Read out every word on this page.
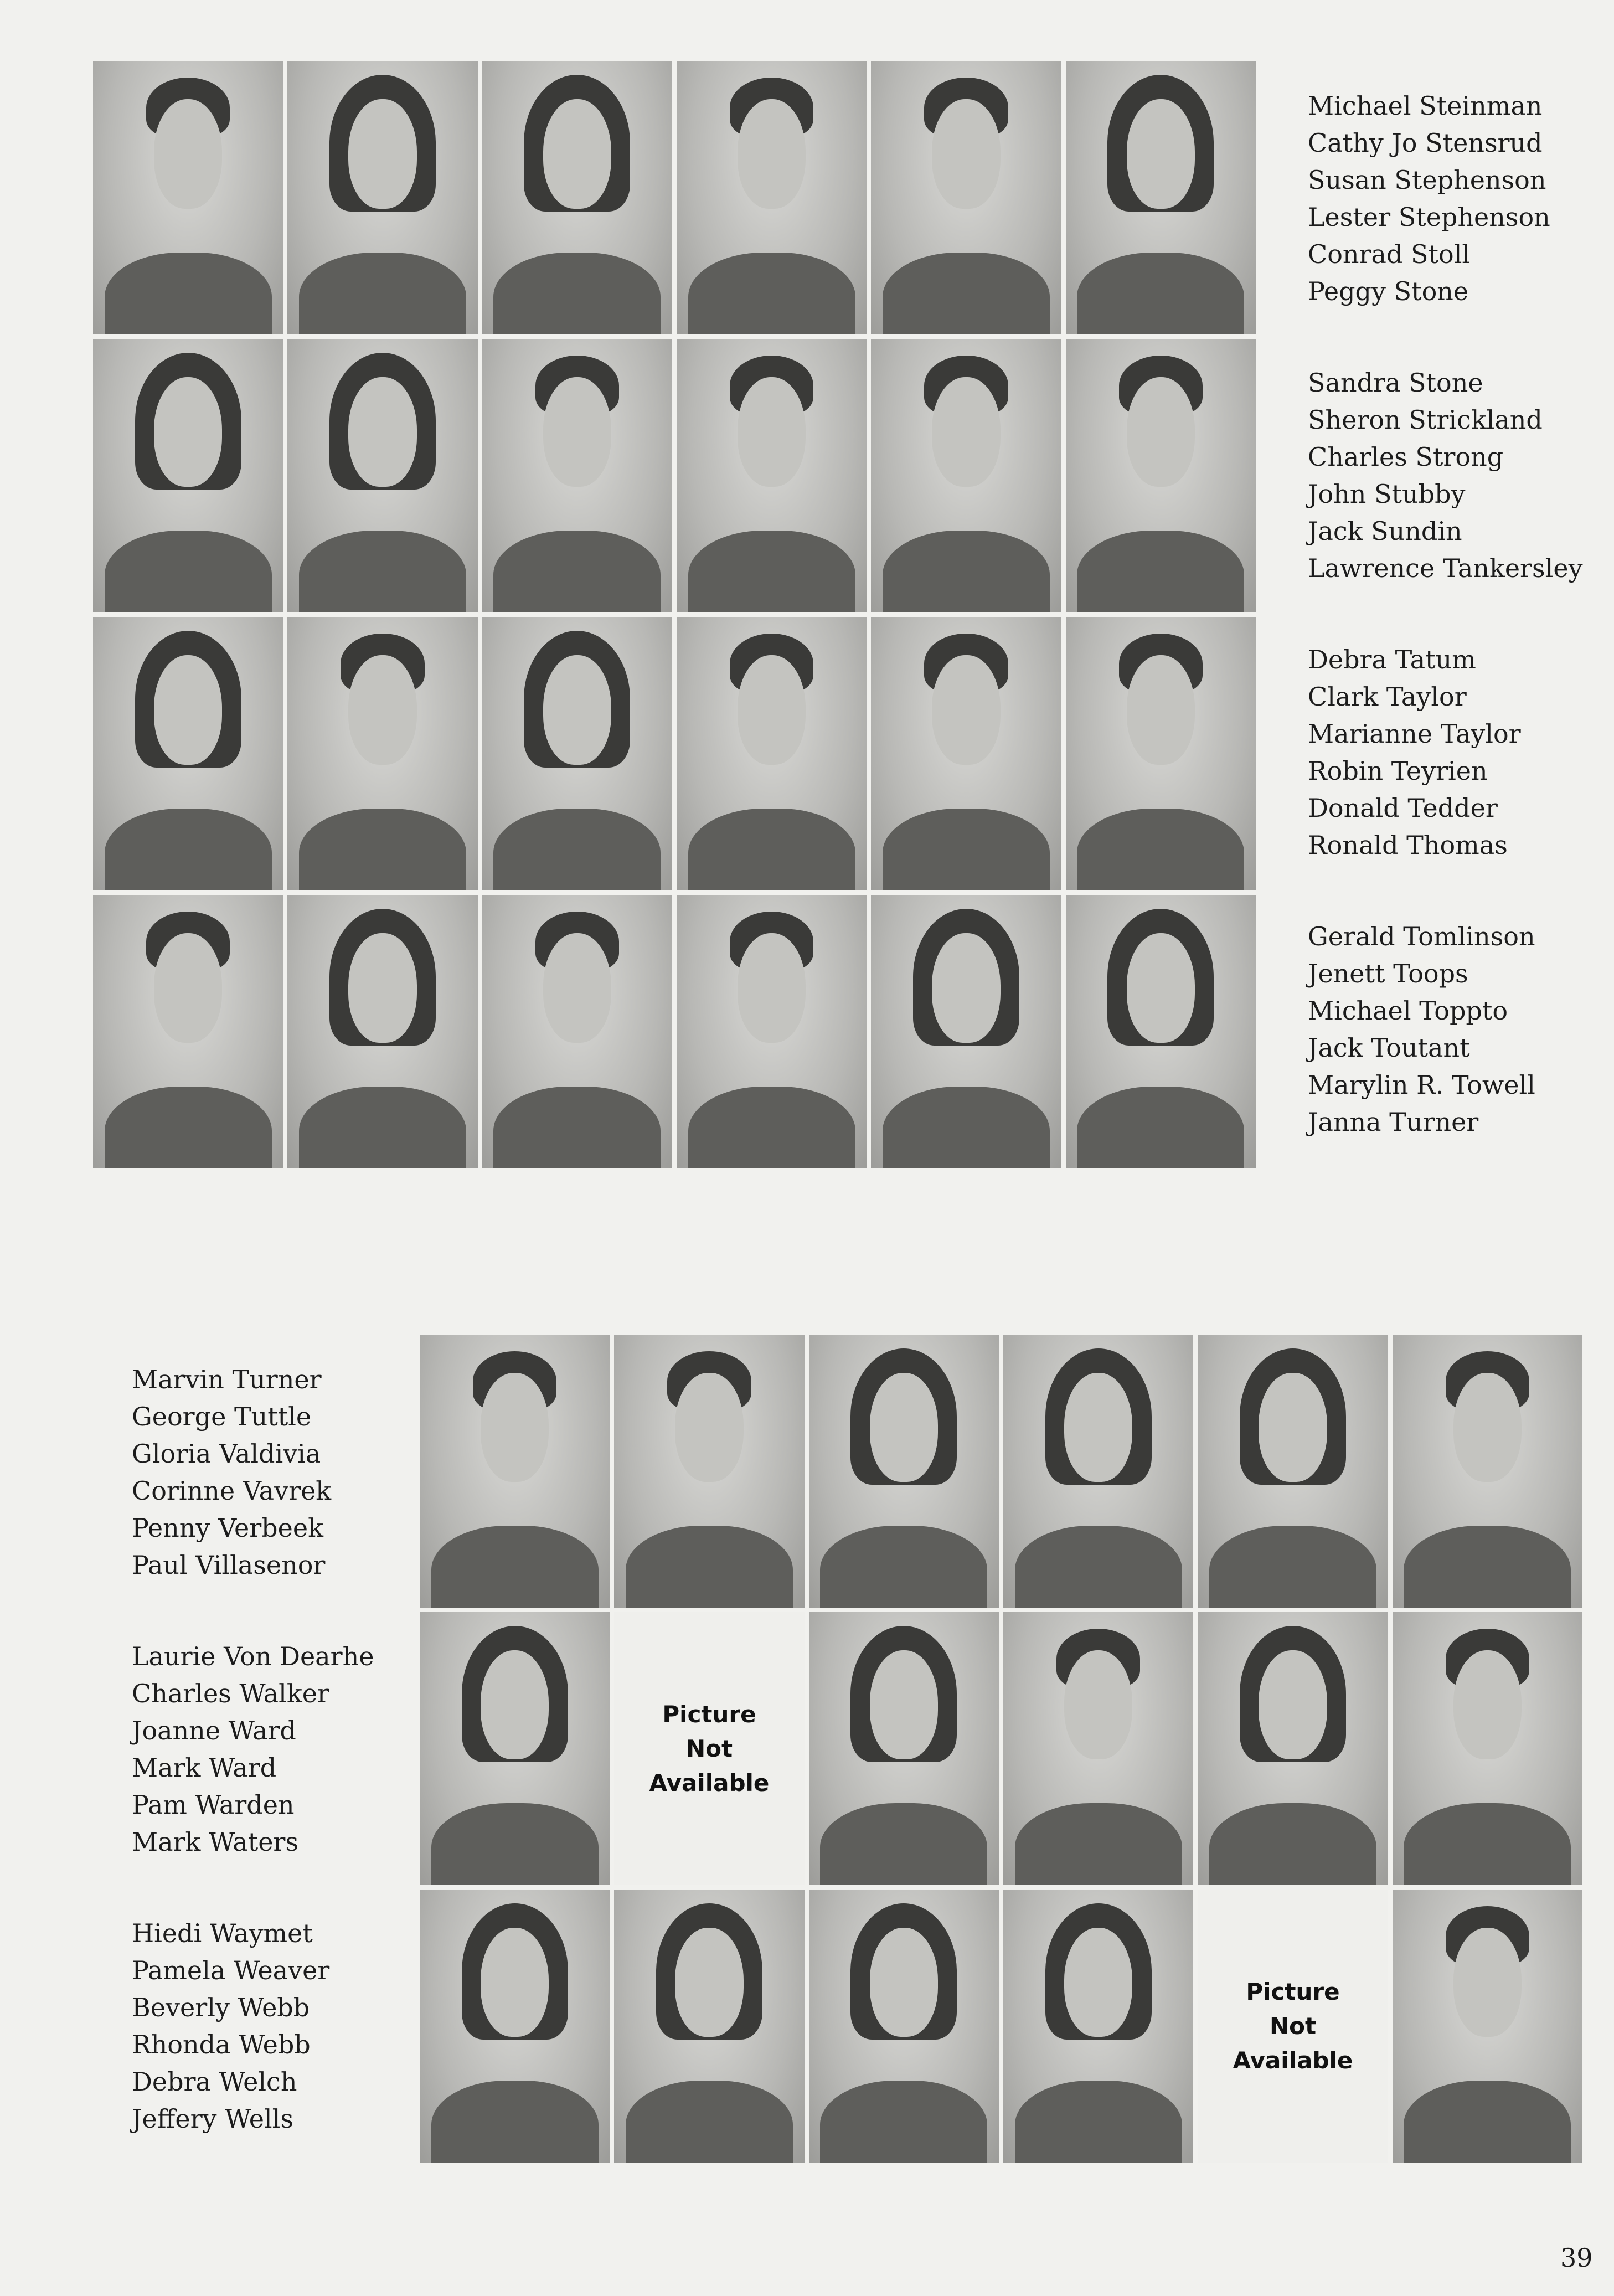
Picture
Not
Available
Picture
Not
Available
Michael Steinman
Cathy Jo Stensrud
Susan Stephenson
Lester Stephenson
Conrad Stoll
Peggy Stone
Sandra Stone
Sheron Strickland
Charles Strong
John Stubby
Jack Sundin
Lawrence Tankersley
Debra Tatum
Clark Taylor
Marianne Taylor
Robin Teyrien
Donald Tedder
Ronald Thomas
Gerald Tomlinson
Jenett Toops
Michael Toppto
Jack Toutant
Marylin R. Towell
Janna Turner
Marvin Turner
George Tuttle
Gloria Valdivia
Corinne Vavrek
Penny Verbeek
Paul Villasenor
Laurie Von Dearhe
Charles Walker
Joanne Ward
Mark Ward
Pam Warden
Mark Waters
Hiedi Waymet
Pamela Weaver
Beverly Webb
Rhonda Webb
Debra Welch
Jeffery Wells
39
